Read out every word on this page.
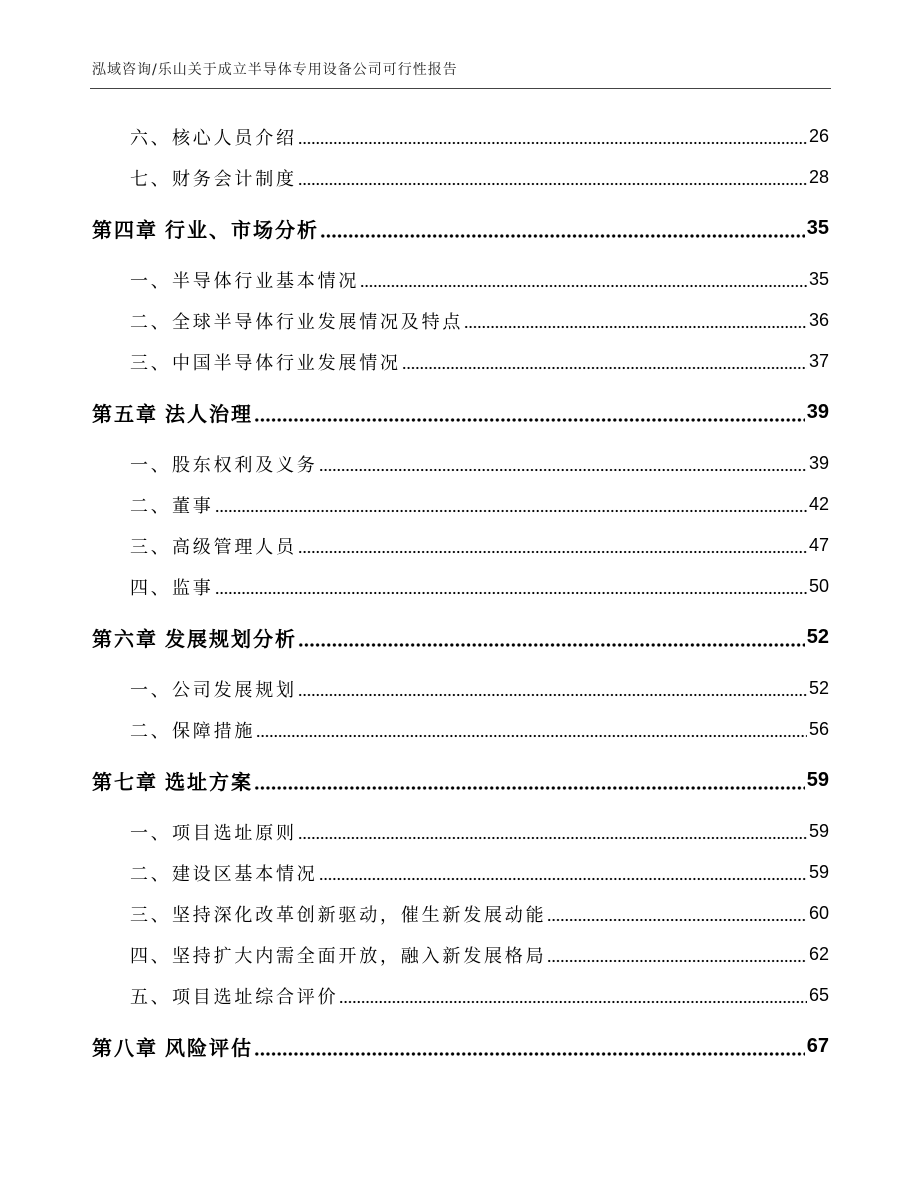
泓域咨询/乐山关于成立半导体专用设备公司可行性报告
六、 核心人员介绍	26
七、 财务会计制度	28
第四章 行业、市场分析	35
一、 半导体行业基本情况	35
二、 全球半导体行业发展情况及特点	36
三、 中国半导体行业发展情况	37
第五章 法人治理	39
一、 股东权利及义务	39
二、 董事	42
三、 高级管理人员	47
四、 监事	50
第六章 发展规划分析	52
一、 公司发展规划	52
二、 保障措施	56
第七章 选址方案	59
一、 项目选址原则	59
二、 建设区基本情况	59
三、 坚持深化改革创新驱动，催生新发展动能	60
四、 坚持扩大内需全面开放，融入新发展格局	62
五、 项目选址综合评价	65
第八章 风险评估	67
